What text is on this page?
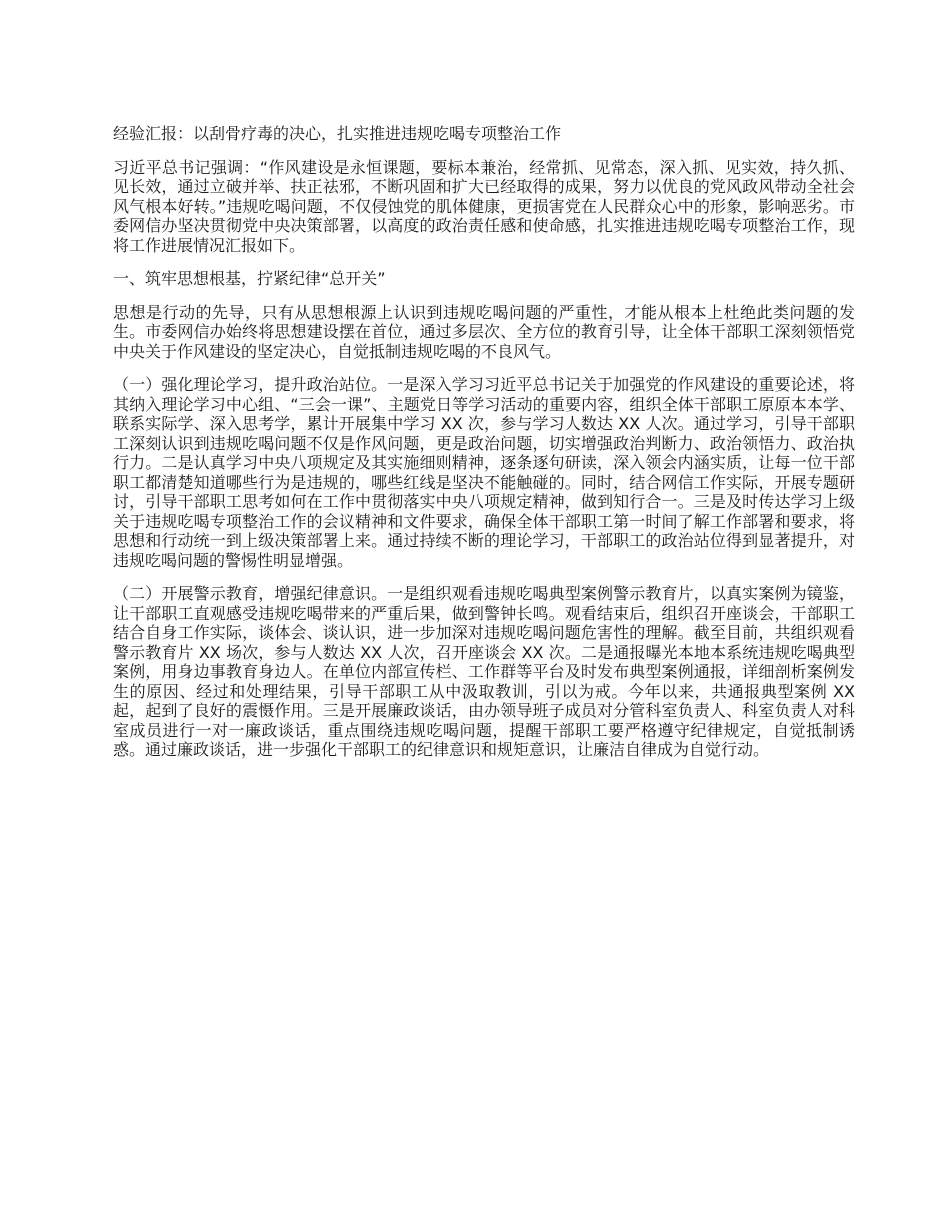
经验汇报：以刮骨疗毒的决心，扎实推进违规吃喝专项整治工作

习近平总书记强调：“作风建设是永恒课题，要标本兼治，经常抓、见常态，深入抓、见实效，持久抓、见长效，通过立破并举、扶正祛邪，不断巩固和扩大已经取得的成果，努力以优良的党风政风带动全社会风气根本好转。”违规吃喝问题，不仅侵蚀党的肌体健康，更损害党在人民群众心中的形象，影响恶劣。市委网信办坚决贯彻党中央决策部署，以高度的政治责任感和使命感，扎实推进违规吃喝专项整治工作，现将工作进展情况汇报如下。

一、筑牢思想根基，拧紧纪律“总开关”

思想是行动的先导，只有从思想根源上认识到违规吃喝问题的严重性，才能从根本上杜绝此类问题的发生。市委网信办始终将思想建设摆在首位，通过多层次、全方位的教育引导，让全体干部职工深刻领悟党中央关于作风建设的坚定决心，自觉抵制违规吃喝的不良风气。

（一）强化理论学习，提升政治站位。一是深入学习习近平总书记关于加强党的作风建设的重要论述，将其纳入理论学习中心组、“三会一课”、主题党日等学习活动的重要内容，组织全体干部职工原原本本学、联系实际学、深入思考学，累计开展集中学习 XX 次，参与学习人数达 XX 人次。通过学习，引导干部职工深刻认识到违规吃喝问题不仅是作风问题，更是政治问题，切实增强政治判断力、政治领悟力、政治执行力。二是认真学习中央八项规定及其实施细则精神，逐条逐句研读，深入领会内涵实质，让每一位干部职工都清楚知道哪些行为是违规的，哪些红线是坚决不能触碰的。同时，结合网信工作实际，开展专题研讨，引导干部职工思考如何在工作中贯彻落实中央八项规定精神，做到知行合一。三是及时传达学习上级关于违规吃喝专项整治工作的会议精神和文件要求，确保全体干部职工第一时间了解工作部署和要求，将思想和行动统一到上级决策部署上来。通过持续不断的理论学习，干部职工的政治站位得到显著提升，对违规吃喝问题的警惕性明显增强。

（二）开展警示教育，增强纪律意识。一是组织观看违规吃喝典型案例警示教育片，以真实案例为镜鉴，让干部职工直观感受违规吃喝带来的严重后果，做到警钟长鸣。观看结束后，组织召开座谈会，干部职工结合自身工作实际，谈体会、谈认识，进一步加深对违规吃喝问题危害性的理解。截至目前，共组织观看警示教育片 XX 场次，参与人数达 XX 人次，召开座谈会 XX 次。二是通报曝光本地本系统违规吃喝典型案例，用身边事教育身边人。在单位内部宣传栏、工作群等平台及时发布典型案例通报，详细剖析案例发生的原因、经过和处理结果，引导干部职工从中汲取教训，引以为戒。今年以来，共通报典型案例 XX 起，起到了良好的震慑作用。三是开展廉政谈话，由办领导班子成员对分管科室负责人、科室负责人对科室成员进行一对一廉政谈话，重点围绕违规吃喝问题，提醒干部职工要严格遵守纪律规定，自觉抵制诱惑。通过廉政谈话，进一步强化干部职工的纪律意识和规矩意识，让廉洁自律成为自觉行动。
